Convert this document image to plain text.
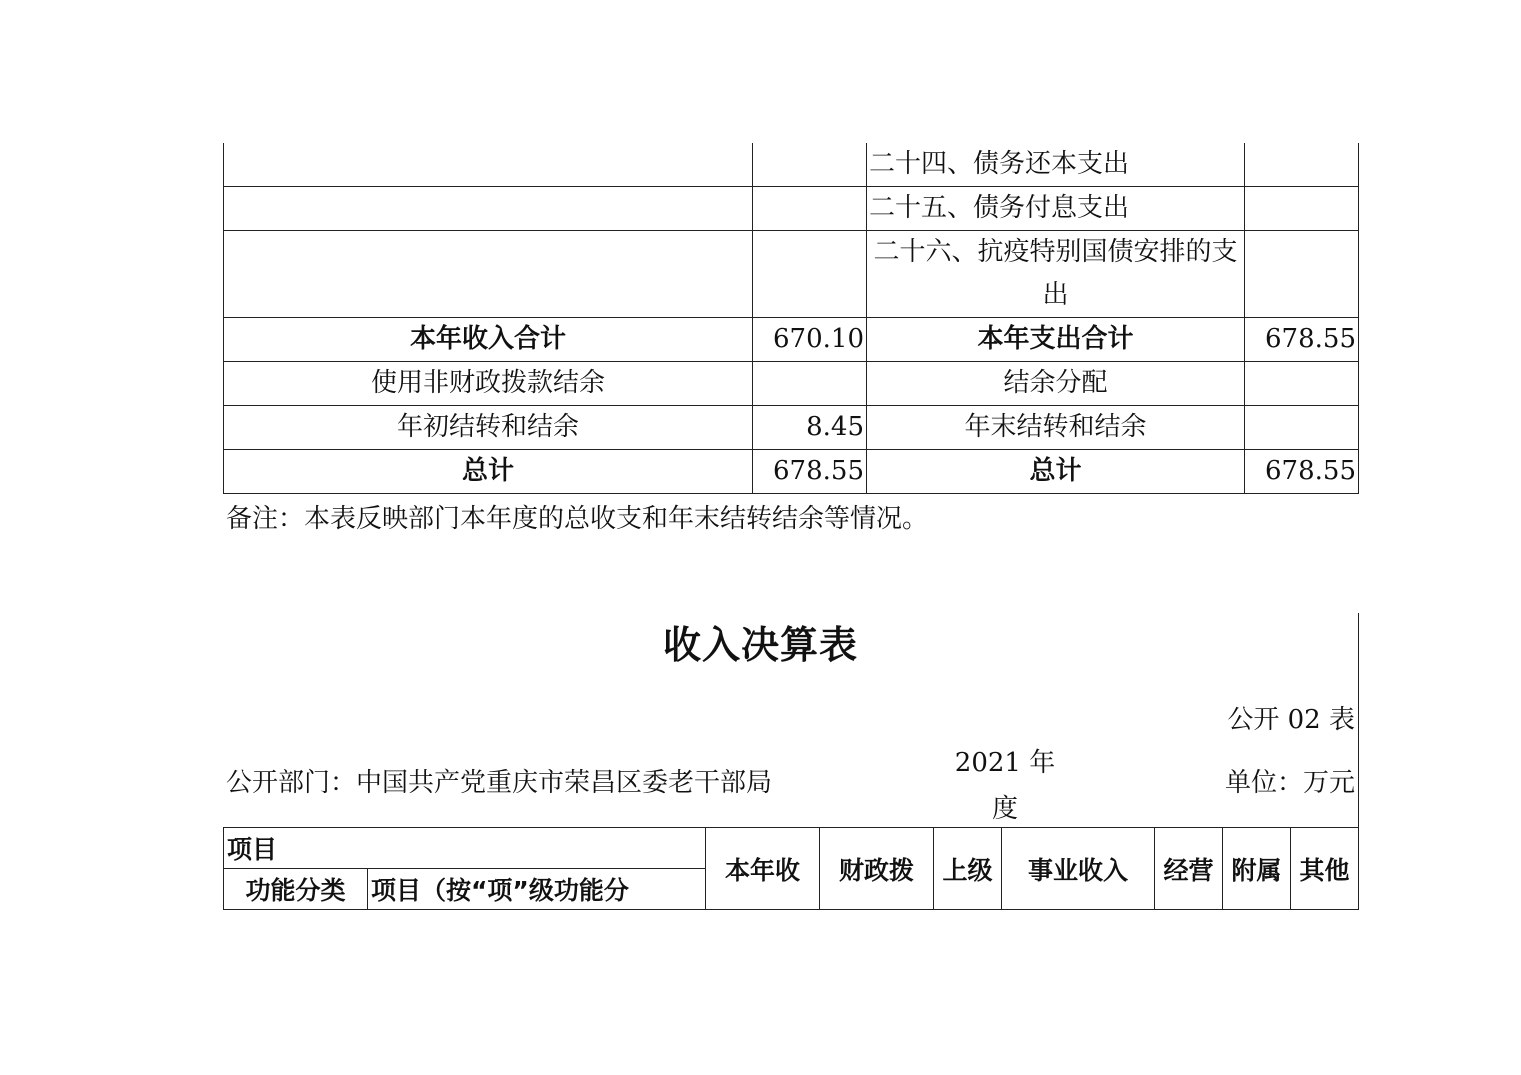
		二十四、债务还本支出	
		二十五、债务付息支出	
		二十六、抗疫特别国债安排的支出	
本年收入合计	670.10	本年支出合计	678.55
使用非财政拨款结余		结余分配	
年初结转和结余	8.45	年末结转和结余	
总计	678.55	总计	678.55
备注：本表反映部门本年度的总收支和年末结转结余等情况。
收入决算表
公开 02 表
公开部门：中国共产党重庆市荣昌区委老干部局
2021 年度
单位：万元
项目		本年收	财政拨	上级	事业收入	经营	附属	其他
功能分类	项目（按“项”级功能分							
